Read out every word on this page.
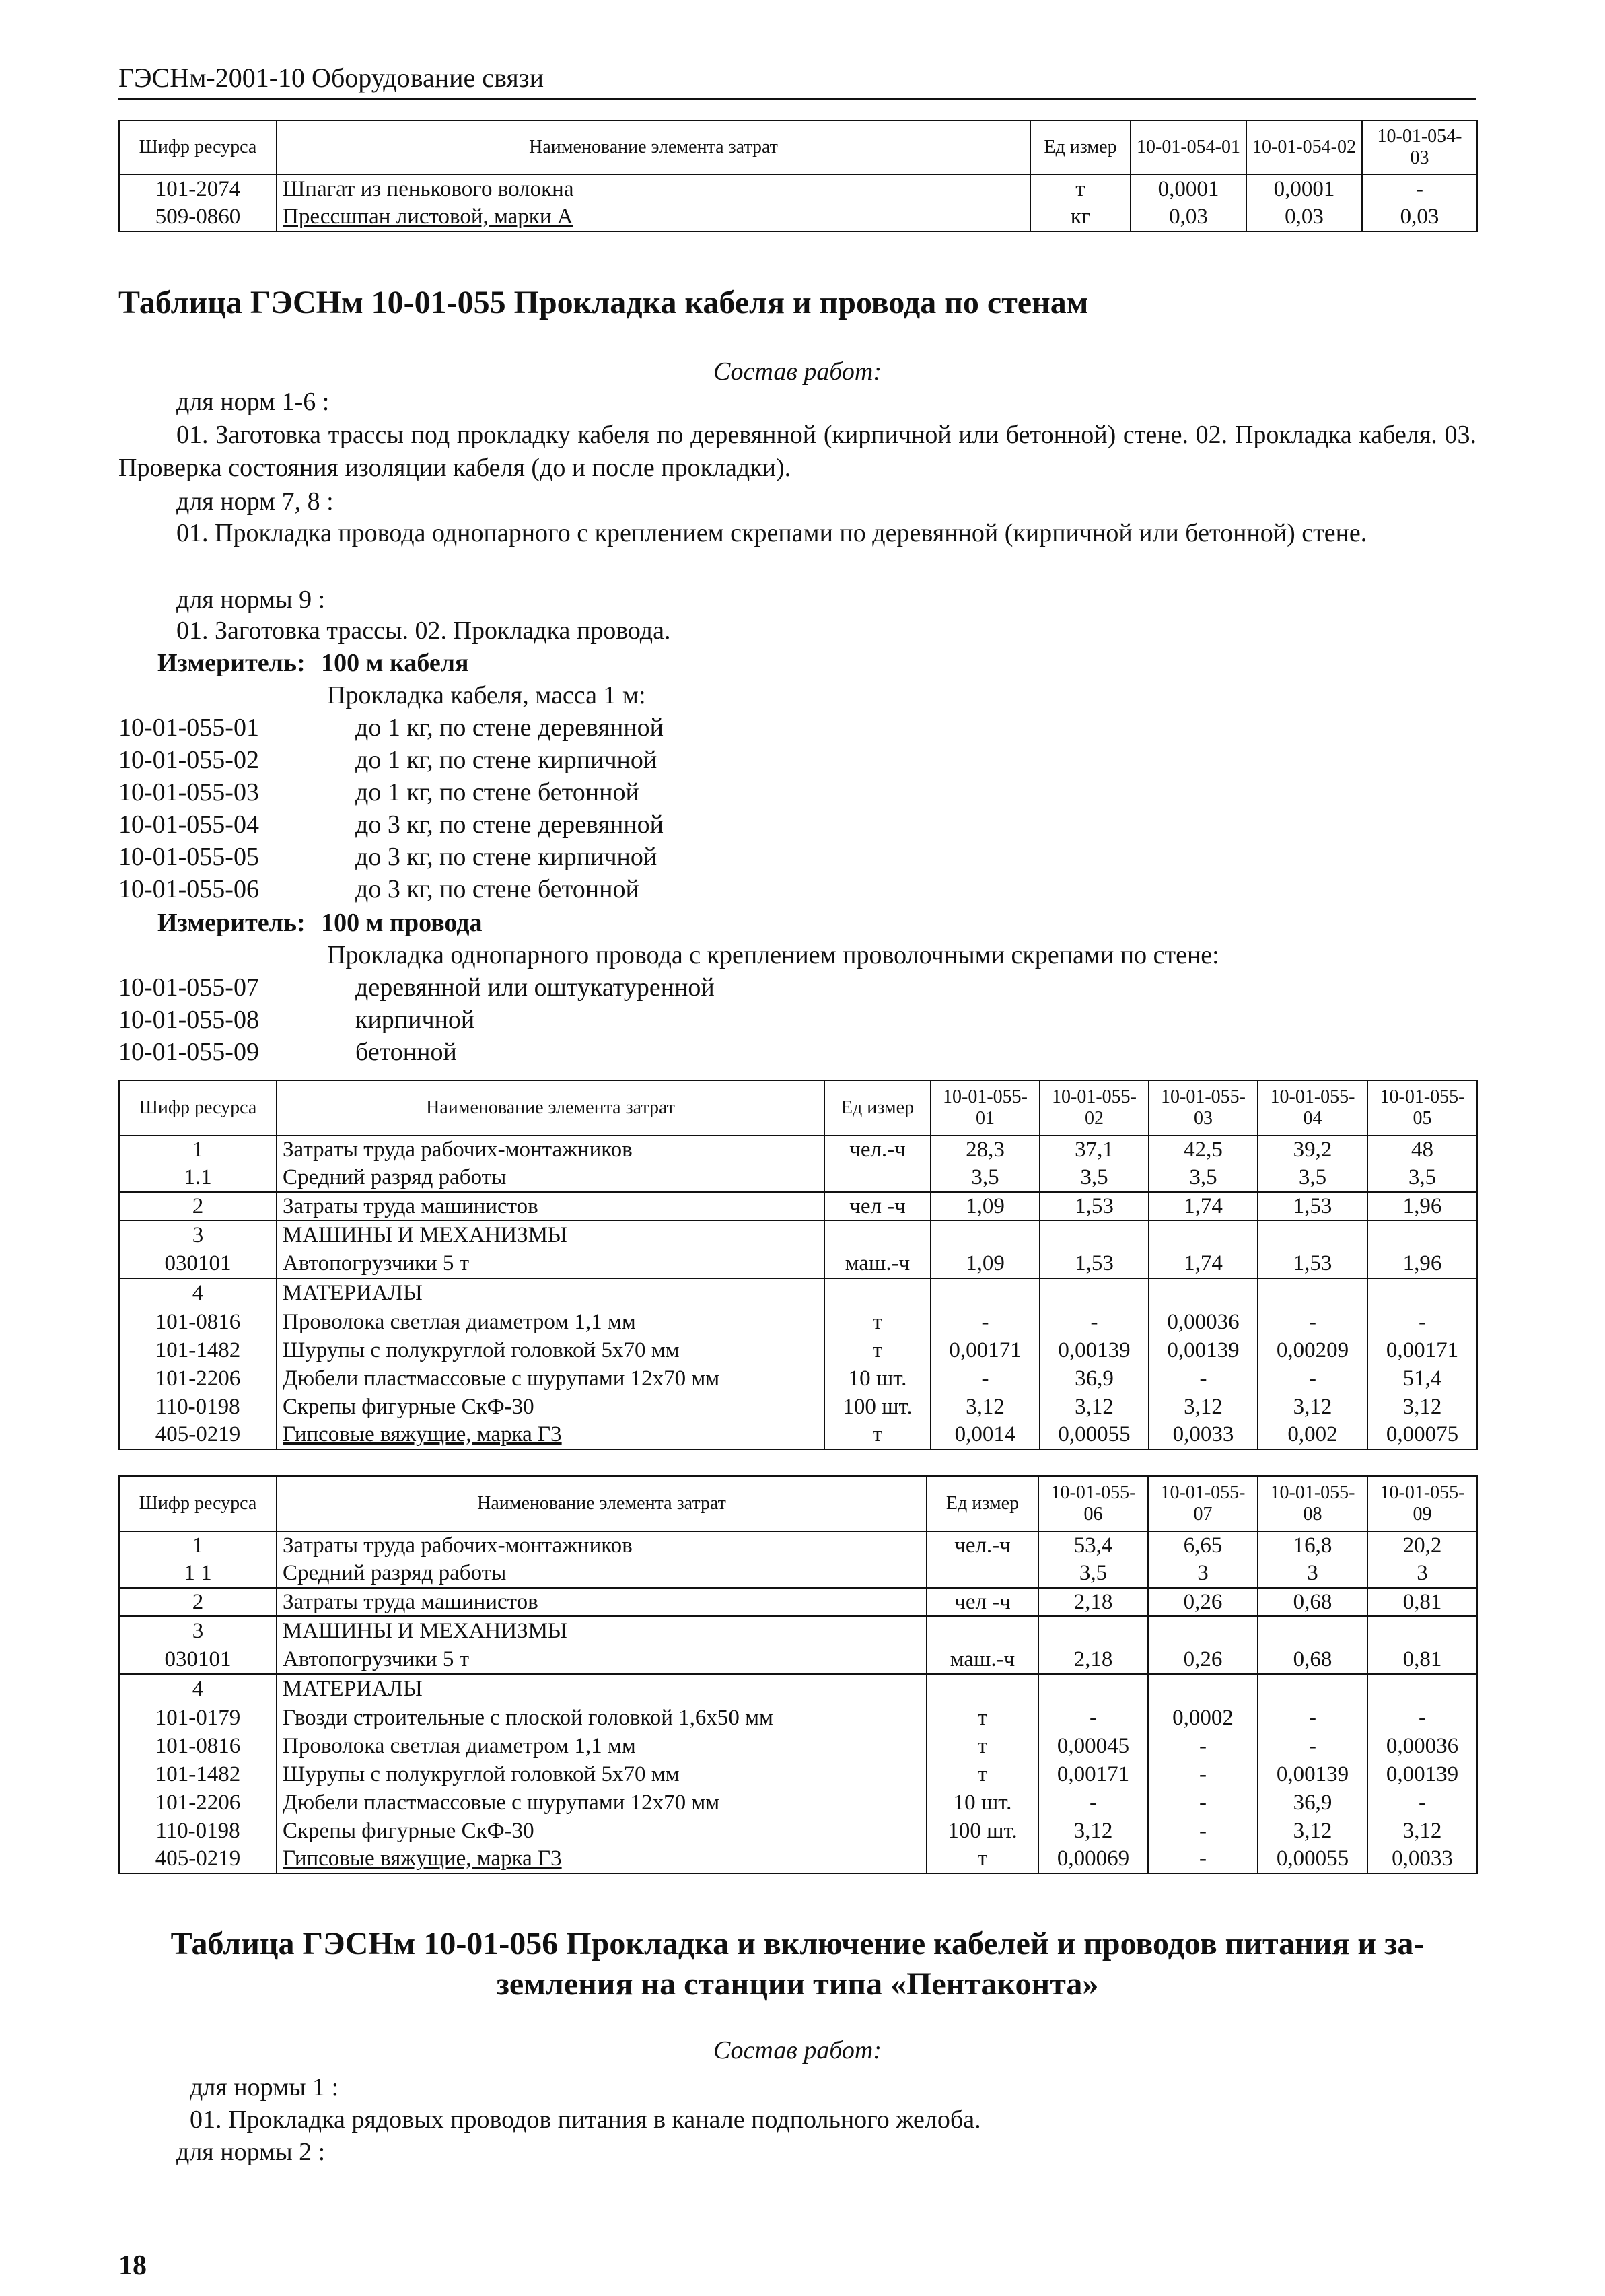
ГЭСНм-2001-10 Оборудование связи
Шифр ресурса	Наименование элемента затрат	Ед измер	10-01-054-01	10-01-054-02	10-01-054-03
101-2074	Шпагат из пенькового волокна	т	0,0001	0,0001	-
509-0860	Прессшпан листовой, марки А	кг	0,03	0,03	0,03
Таблица ГЭСНм 10-01-055 Прокладка кабеля и провода по стенам
Состав работ:
для норм 1-6 :
01. Заготовка трассы под прокладку кабеля по деревянной (кирпичной или бетонной) стене. 02. Прокладка кабеля. 03. Проверка состояния изоляции кабеля (до и после прокладки).
для норм 7, 8 :
01. Прокладка провода однопарного с креплением скрепами по деревянной (кирпичной или бетонной) стене.
для нормы 9 :
01. Заготовка трассы. 02. Прокладка провода.
Измеритель: 100 м кабеля
Прокладка кабеля, масса 1 м:
10-01-055-01	до 1 кг, по стене деревянной
10-01-055-02	до 1 кг, по стене кирпичной
10-01-055-03	до 1 кг, по стене бетонной
10-01-055-04	до 3 кг, по стене деревянной
10-01-055-05	до 3 кг, по стене кирпичной
10-01-055-06	до 3 кг, по стене бетонной
Измеритель: 100 м провода
Прокладка однопарного провода с креплением проволочными скрепами по стене:
10-01-055-07	деревянной или оштукатуренной
10-01-055-08	кирпичной
10-01-055-09	бетонной
Шифр ресурса	Наименование элемента затрат	Ед измер	10-01-055-01	10-01-055-02	10-01-055-03	10-01-055-04	10-01-055-05
1	Затраты труда рабочих-монтажников	чел.-ч	28,3	37,1	42,5	39,2	48
1.1	Средний разряд работы		3,5	3,5	3,5	3,5	3,5
2	Затраты труда машинистов	чел -ч	1,09	1,53	1,74	1,53	1,96
3	МАШИНЫ И МЕХАНИЗМЫ						
030101	Автопогрузчики 5 т	маш.-ч	1,09	1,53	1,74	1,53	1,96
4	МАТЕРИАЛЫ						
101-0816	Проволока светлая диаметром 1,1 мм	т	-	-	0,00036	-	-
101-1482	Шурупы с полукруглой головкой 5х70 мм	т	0,00171	0,00139	0,00139	0,00209	0,00171
101-2206	Дюбели пластмассовые с шурупами 12х70 мм	10 шт.	-	36,9	-	-	51,4
110-0198	Скрепы фигурные СкФ-30	100 шт.	3,12	3,12	3,12	3,12	3,12
405-0219	Гипсовые вяжущие, марка Г3	т	0,0014	0,00055	0,0033	0,002	0,00075
Шифр ресурса	Наименование элемента затрат	Ед измер	10-01-055-06	10-01-055-07	10-01-055-08	10-01-055-09
1	Затраты труда рабочих-монтажников	чел.-ч	53,4	6,65	16,8	20,2
1 1	Средний разряд работы		3,5	3	3	3
2	Затраты труда машинистов	чел -ч	2,18	0,26	0,68	0,81
3	МАШИНЫ И МЕХАНИЗМЫ					
030101	Автопогрузчики 5 т	маш.-ч	2,18	0,26	0,68	0,81
4	МАТЕРИАЛЫ					
101-0179	Гвозди строительные с плоской головкой 1,6х50 мм	т	-	0,0002	-	-
101-0816	Проволока светлая диаметром 1,1 мм	т	0,00045	-	-	0,00036
101-1482	Шурупы с полукруглой головкой 5х70 мм	т	0,00171	-	0,00139	0,00139
101-2206	Дюбели пластмассовые с шурупами 12х70 мм	10 шт.	-	-	36,9	-
110-0198	Скрепы фигурные СкФ-30	100 шт.	3,12	-	3,12	3,12
405-0219	Гипсовые вяжущие, марка Г3	т	0,00069	-	0,00055	0,0033
Таблица ГЭСНм 10-01-056 Прокладка и включение кабелей и проводов питания и за-
земления на станции типа «Пентаконта»
Состав работ:
для нормы 1 :
01. Прокладка рядовых проводов питания в канале подпольного желоба.
для нормы 2 :
18
